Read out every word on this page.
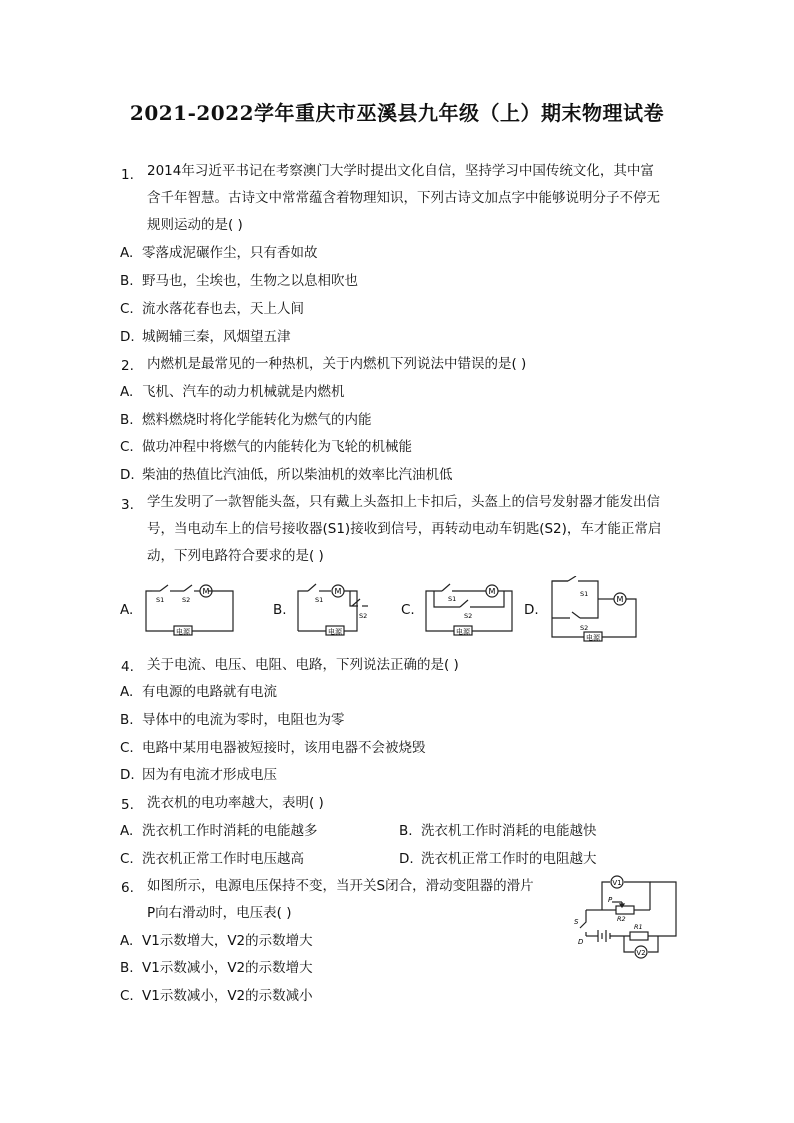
2021-2022学年重庆市巫溪县九年级（上）期末物理试卷
1. 2014年习近平书记在考察澳门大学时提出文化自信，坚持学习中国传统文化，其中富
含千年智慧。古诗文中常常蕴含着物理知识，下列古诗文加点字中能够说明分子不停无
规则运动的是( )
A. 零落成泥碾作尘，只有香如故
B. 野马也，尘埃也，生物之以息相吹也
C. 流水落花春也去，天上人间
D. 城阙辅三秦，风烟望五津
2. 内燃机是最常见的一种热机，关于内燃机下列说法中错误的是( )
A. 飞机、汽车的动力机械就是内燃机
B. 燃料燃烧时将化学能转化为燃气的内能
C. 做功冲程中将燃气的内能转化为飞轮的机械能
D. 柴油的热值比汽油低，所以柴油机的效率比汽油机低
3. 学生发明了一款智能头盔，只有戴上头盔扣上卡扣后，头盔上的信号发射器才能发出信
号，当电动车上的信号接收器(S1)接收到信号，再转动电动车钥匙(S2)，车才能正常启
动，下列电路符合要求的是( )
A.	B.	C.	D.
M
S1	S2
电源
M
S1
S2
电源
M
S1
S2
电源
M
S1
S2
电源
4. 关于电流、电压、电阻、电路，下列说法正确的是( )
A. 有电源的电路就有电流
B. 导体中的电流为零时，电阻也为零
C. 电路中某用电器被短接时，该用电器不会被烧毁
D. 因为有电流才形成电压
5. 洗衣机的电功率越大，表明( )
A. 洗衣机工作时消耗的电能越多	B. 洗衣机工作时消耗的电能越快
C. 洗衣机正常工作时电压越高	D. 洗衣机正常工作时的电阻越大
6. 如图所示，电源电压保持不变，当开关S闭合，滑动变阻器的滑片
P向右滑动时，电压表( )
A. V1示数增大，V2的示数增大
B. V1示数减小，V2的示数增大
C. V1示数减小，V2的示数减小
V1
P
R2
R1
S
D
V2
